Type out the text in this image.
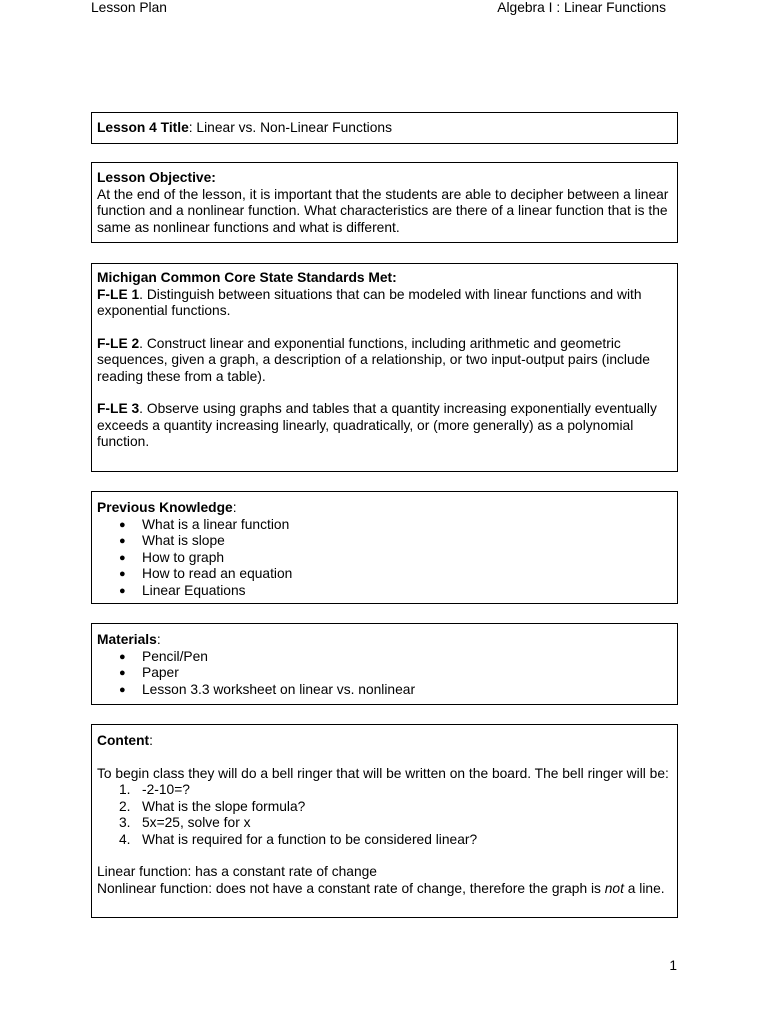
Lesson Plan	Algebra I : Linear Functions
Lesson 4 Title: Linear vs. Non-Linear Functions

Lesson Objective:

At the end of the lesson, it is important that the students are able to decipher between a linear function and a nonlinear function. What characteristics are there of a linear function that is the same as nonlinear functions and what is different.

Michigan Common Core State Standards Met:

F-LE 1. Distinguish between situations that can be modeled with linear functions and with exponential functions.

F-LE 2. Construct linear and exponential functions, including arithmetic and geometric sequences, given a graph, a description of a relationship, or two input-output pairs (include reading these from a table).

F-LE 3. Observe using graphs and tables that a quantity increasing exponentially eventually exceeds a quantity increasing linearly, quadratically, or (more generally) as a polynomial function.

Previous Knowledge:

● What is a linear function
● What is slope
● How to graph
● How to read an equation
● Linear Equations

Materials:

● Pencil/Pen
● Paper
● Lesson 3.3 worksheet on linear vs. nonlinear

Content:

To begin class they will do a bell ringer that will be written on the board. The bell ringer will be:

1. -2-10=?
2. What is the slope formula?
3. 5x=25, solve for x
4. What is required for a function to be considered linear?

Linear function: has a constant rate of change

Nonlinear function: does not have a constant rate of change, therefore the graph is not a line.

1
